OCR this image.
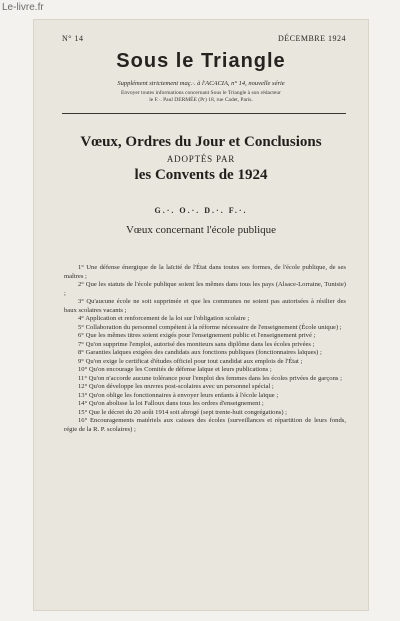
Le-livre.fr
N° 14	DÉCEMBRE 1924
Sous le Triangle
Supplément strictement maç.·. à l'ACACIA, n° 14, nouvelle série
Envoyer toutes informations concernant Sous le Triangle à son rédacteur
le F.·. Paul DERMÉE (Pr) 18, rue Cadet, Paris.
Vœux, Ordres du Jour et Conclusions
ADOPTÉS PAR
les Convents de 1924
G.·. O.·. D.·. F.·.
Vœux concernant l'école publique

1° Une défense énergique de la laïcité de l'État dans toutes ses formes, de l'école publique, de ses maîtres ;

2° Que les statuts de l'école publique soient les mêmes dans tous les pays (Alsace-Lorraine, Tunisie) ;

3° Qu'aucune école ne soit supprimée et que les communes ne soient pas autorisées à résilier des baux scolaires vacants ;

4° Application et renforcement de la loi sur l'obligation scolaire ;

5° Collaboration du personnel compétent à la réforme nécessaire de l'enseignement (École unique) ;

6° Que les mêmes titres soient exigés pour l'enseignement public et l'enseignement privé ;

7° Qu'on supprime l'emploi, autorisé des moniteurs sans diplôme dans les écoles privées ;

8° Garanties laïques exigées des candidats aux fonctions publiques (fonctionnaires laïques) ;

9° Qu'on exige le certificat d'études officiel pour tout candidat aux emplois de l'État ;

10° Qu'on encourage les Comités de défense laïque et leurs publications ;

11° Qu'on n'accorde aucune tolérance pour l'emploi des femmes dans les écoles privées de garçons ;

12° Qu'on développe les œuvres post-scolaires avec un personnel spécial ;

13° Qu'on oblige les fonctionnaires à envoyer leurs enfants à l'école laïque ;

14° Qu'on abolisse la loi Falloux dans tous les ordres d'enseignement ;

15° Que le décret du 20 août 1914 soit abrogé (sept trente-huit congrégations) ;

16° Encouragements matériels aux caisses des écoles (surveillances et répartition de leurs fonds, régie de la R. P. scolaires) ;
